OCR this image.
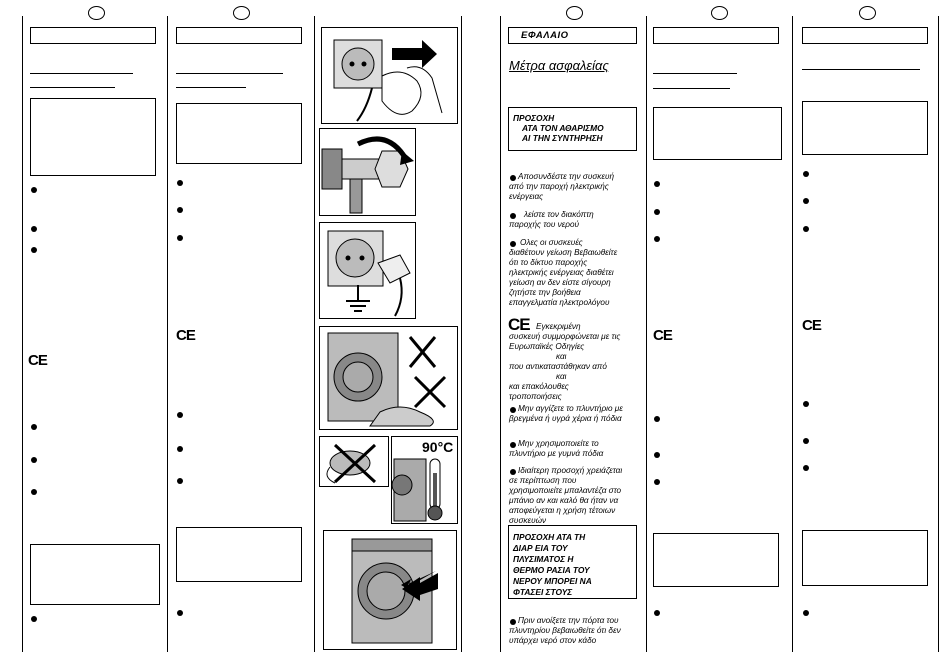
CE
CE
90°C
ΕΦΑΛΑΙΟ
Μέτρα ασφαλείας
ΠΡΟΣΟΧΗ
ΑΤΑ ΤΟΝ ΑΘΑΡΙΣΜΟ
ΑΙ ΤΗΝ ΣΥΝΤΗΡΗΣΗ
Αποσυνδέστε την συσκευή
από την παροχή ηλεκτρικής
ενέργειας
λείστε τον διακόπτη
παροχής του νερού
Ολες οι συσκευές
διαθέτουν γείωση Βεβαιωθείτε
ότι το δίκτυο παροχής
ηλεκτρικής ενέργειας διαθέτει
γείωση αν δεν είστε σίγουρη
ζητήστε την βοήθεια
επαγγελματία ηλεκτρολόγου
CE Εγκεκριμένη
συσκευή συμμορφώνεται με τις
Ευρωπαϊκές Οδηγίες
και
που αντικαταστάθηκαν από
και
και επακόλουθες
τροποποιήσεις
Μην αγγίζετε το πλυντήριο με
βρεγμένα ή υγρά χέρια ή πόδια
Μην χρησιμοποιείτε το
πλυντήριο με γυμνά πόδια
Ιδιαίτερη προσοχή χρειάζεται
σε περίπτωση που
χρησιμοποιείτε μπαλαντέζα στο
μπάνιο αν και καλό θα ήταν να
αποφεύγεται η χρήση τέτοιων
συσκευών
ΠΡΟΣΟΧΗ ΑΤΑ ΤΗ
ΔΙΑΡ ΕΙΑ ΤΟΥ
ΠΛΥΣΙΜΑΤΟΣ Η
ΘΕΡΜΟ ΡΑΣΙΑ ΤΟΥ
ΝΕΡΟΥ ΜΠΟΡΕΙ ΝΑ
ΦΤΑΣΕΙ ΣΤΟΥΣ
Πριν ανοίξετε την πόρτα του
πλυντηρίου βεβαιωθείτε ότι δεν
υπάρχει νερό στον κάδο
CE
CE
